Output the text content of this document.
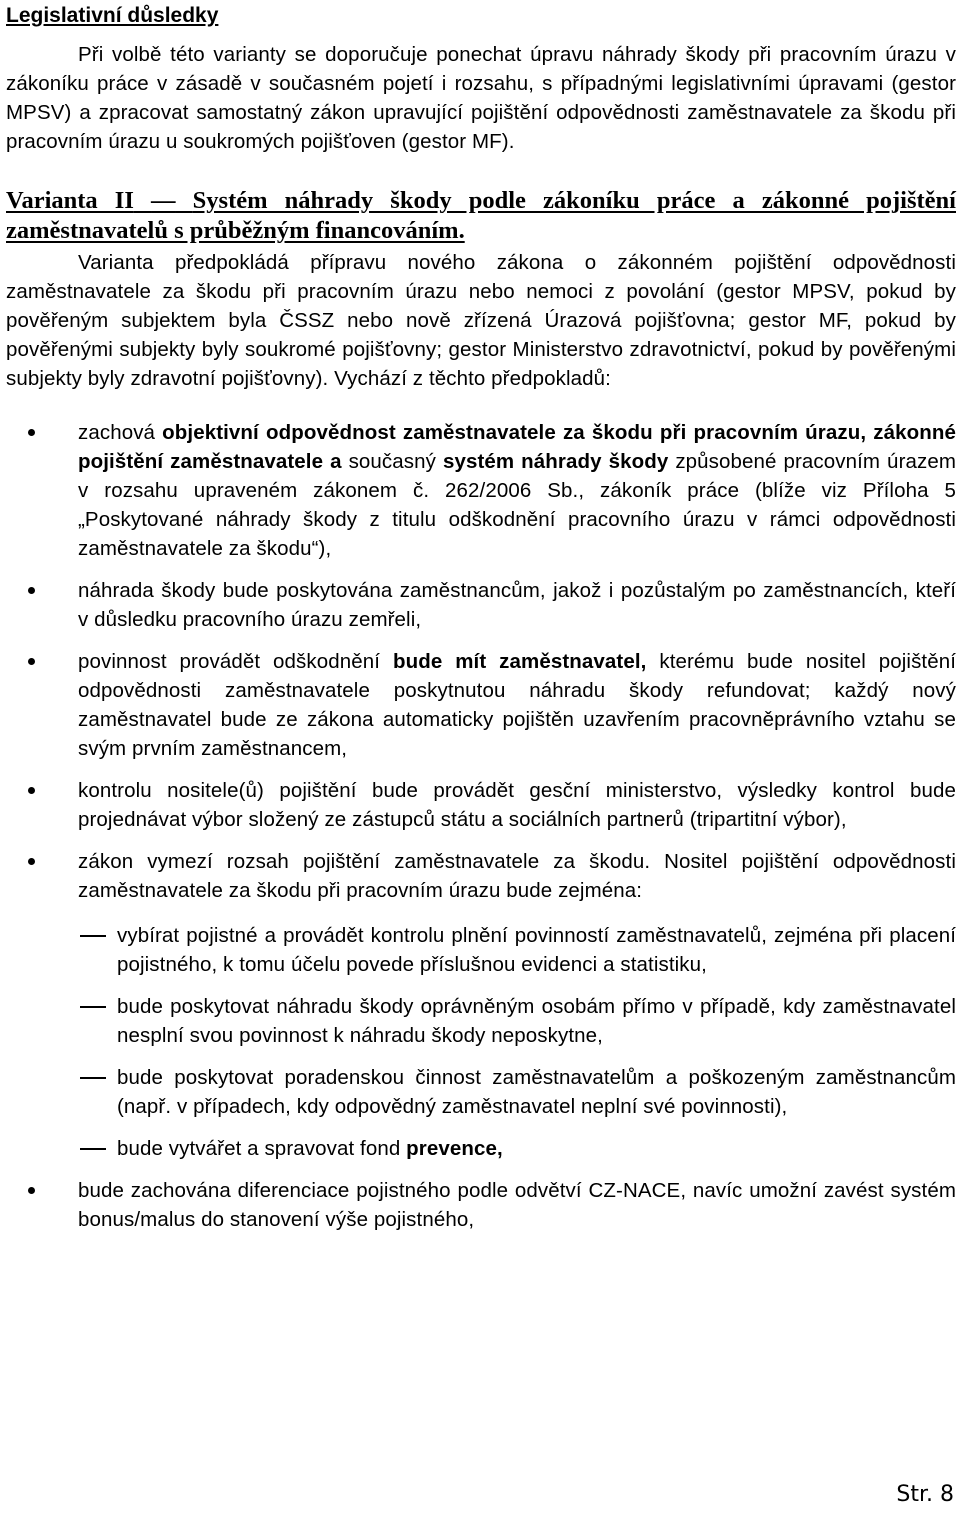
Legislativní důsledky

Při volbě této varianty se doporučuje ponechat úpravu náhrady škody při pracovním úrazu v zákoníku práce v zásadě v současném pojetí i rozsahu, s případnými legislativními úpravami (gestor MPSV) a zpracovat samostatný zákon upravující pojištění odpovědnosti zaměstnavatele za škodu při pracovním úrazu u soukromých pojišťoven (gestor MF).

Varianta II — Systém náhrady škody podle zákoníku práce a zákonné pojištění zaměstnavatelů s průběžným financováním.

Varianta předpokládá přípravu nového zákona o zákonném pojištění odpovědnosti zaměstnavatele za škodu při pracovním úrazu nebo nemoci z povolání (gestor MPSV, pokud by pověřeným subjektem byla ČSSZ nebo nově zřízená Úrazová pojišťovna; gestor MF, pokud by pověřenými subjekty byly soukromé pojišťovny; gestor Ministerstvo zdravotnictví, pokud by pověřenými subjekty byly zdravotní pojišťovny). Vychází z těchto předpokladů:

zachová objektivní odpovědnost zaměstnavatele za škodu při pracovním úrazu, zákonné pojištění zaměstnavatele a současný systém náhrady škody způsobené pracovním úrazem v rozsahu upraveném zákonem č. 262/2006 Sb., zákoník práce (blíže viz Příloha 5 „Poskytované náhrady škody z titulu odškodnění pracovního úrazu v rámci odpovědnosti zaměstnavatele za škodu“),
náhrada škody bude poskytována zaměstnancům, jakož i pozůstalým po zaměstnancích, kteří v důsledku pracovního úrazu zemřeli,
povinnost provádět odškodnění bude mít zaměstnavatel, kterému bude nositel pojištění odpovědnosti zaměstnavatele poskytnutou náhradu škody refundovat; každý nový zaměstnavatel bude ze zákona automaticky pojištěn uzavřením pracovněprávního vztahu se svým prvním zaměstnancem,
kontrolu nositele(ů) pojištění bude provádět gesční ministerstvo, výsledky kontrol bude projednávat výbor složený ze zástupců státu a sociálních partnerů (tripartitní výbor),
zákon vymezí rozsah pojištění zaměstnavatele za škodu. Nositel pojištění odpovědnosti zaměstnavatele za škodu při pracovním úrazu bude zejména:
vybírat pojistné a provádět kontrolu plnění povinností zaměstnavatelů, zejména při placení pojistného, k tomu účelu povede příslušnou evidenci a statistiku,
bude poskytovat náhradu škody oprávněným osobám přímo v případě, kdy zaměstnavatel nesplní svou povinnost k náhradu škody neposkytne,
bude poskytovat poradenskou činnost zaměstnavatelům a poškozeným zaměstnancům (např. v případech, kdy odpovědný zaměstnavatel neplní své povinnosti),
bude vytvářet a spravovat fond prevence,
bude zachována diferenciace pojistného podle odvětví CZ-NACE, navíc umožní zavést systém bonus/malus do stanovení výše pojistného,
Str. 8
